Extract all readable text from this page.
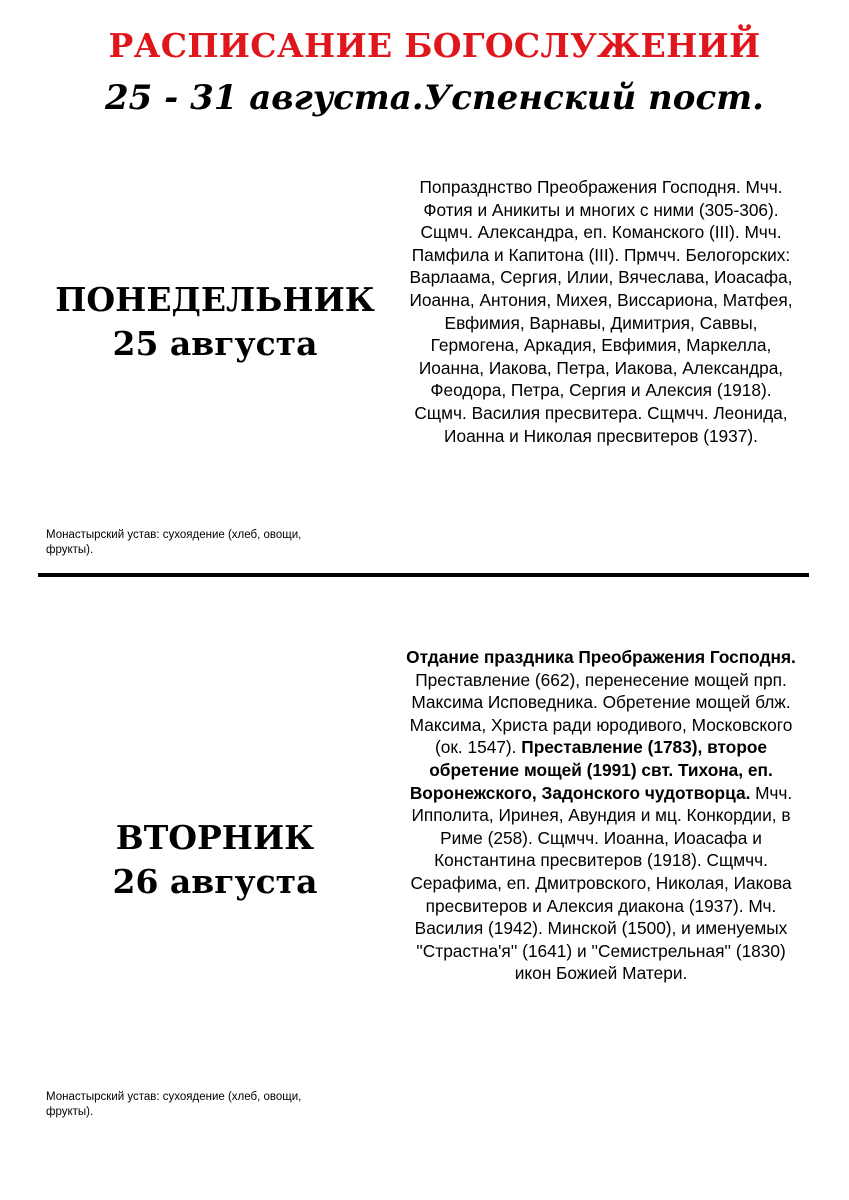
РАСПИСАНИЕ БОГОСЛУЖЕНИЙ
25 - 31 августа.Успенский пост.
ПОНЕДЕЛЬНИК
25 августа
Попразднство Преображения Господня. Мчч. Фотия и Аникиты и многих с ними (305-306). Сщмч. Александра, еп. Команского (III). Мчч. Памфила и Капитона (III). Прмчч. Белогорских: Варлаама, Сергия, Илии, Вячеслава, Иоасафа, Иоанна, Антония, Михея, Виссариона, Матфея, Евфимия, Варнавы, Димитрия, Саввы, Гермогена, Аркадия, Евфимия, Маркелла, Иоанна, Иакова, Петра, Иакова, Александра, Феодора, Петра, Сергия и Алексия (1918). Сщмч. Василия пресвитера. Сщмчч. Леонида, Иоанна и Николая пресвитеров (1937).
Монастырский устав: сухоядение (хлеб, овощи, фрукты).
ВТОРНИК
26 августа
Отдание праздника Преображения Господня. Преставление (662), перенесение мощей прп. Максима Исповедника. Обретение мощей блж. Максима, Христа ради юродивого, Московского (ок. 1547). Преставление (1783), второе обретение мощей (1991) свт. Тихона, еп. Воронежского, Задонского чудотворца. Мчч. Ипполита, Иринея, Авундия и мц. Конкордии, в Риме (258). Сщмчч. Иоанна, Иоасафа и Константина пресвитеров (1918). Сщмчч. Серафима, еп. Дмитровского, Николая, Иакова пресвитеров и Алексия диакона (1937). Мч. Василия (1942). Минской (1500), и именуемых ''Страстна'я'' (1641) и ''Семистрельная'' (1830) икон Божией Матери.
Монастырский устав: сухоядение (хлеб, овощи, фрукты).
